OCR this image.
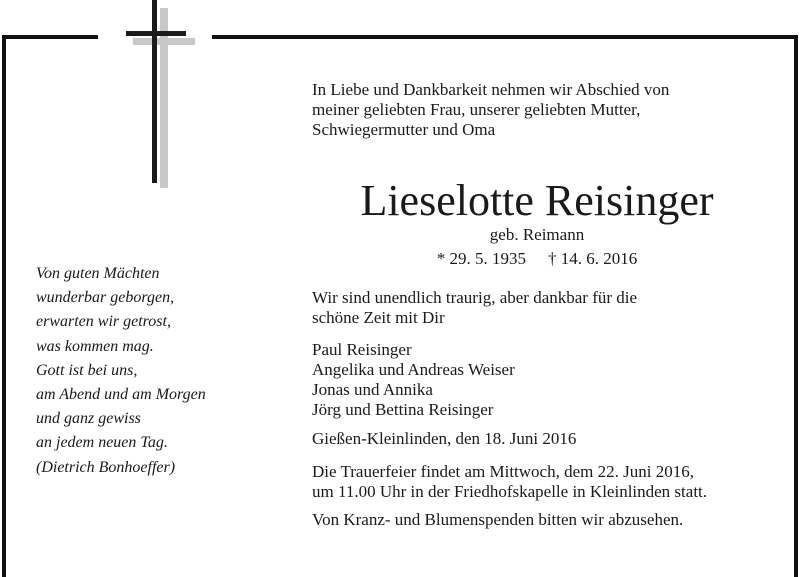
In Liebe und Dankbarkeit nehmen wir Abschied von
meiner geliebten Frau, unserer geliebten Mutter,
Schwiegermutter und Oma
Lieselotte Reisinger
geb. Reimann
* 29. 5. 1935 † 14. 6. 2016
Von guten Mächten
wunderbar geborgen,
erwarten wir getrost,
was kommen mag.
Gott ist bei uns,
am Abend und am Morgen
und ganz gewiss
an jedem neuen Tag.
(Dietrich Bonhoeffer)
Wir sind unendlich traurig, aber dankbar für die
schöne Zeit mit Dir
Paul Reisinger
Angelika und Andreas Weiser
Jonas und Annika
Jörg und Bettina Reisinger
Gießen-Kleinlinden, den 18. Juni 2016
Die Trauerfeier findet am Mittwoch, dem 22. Juni 2016,
um 11.00 Uhr in der Friedhofskapelle in Kleinlinden statt.
Von Kranz- und Blumenspenden bitten wir abzusehen.
